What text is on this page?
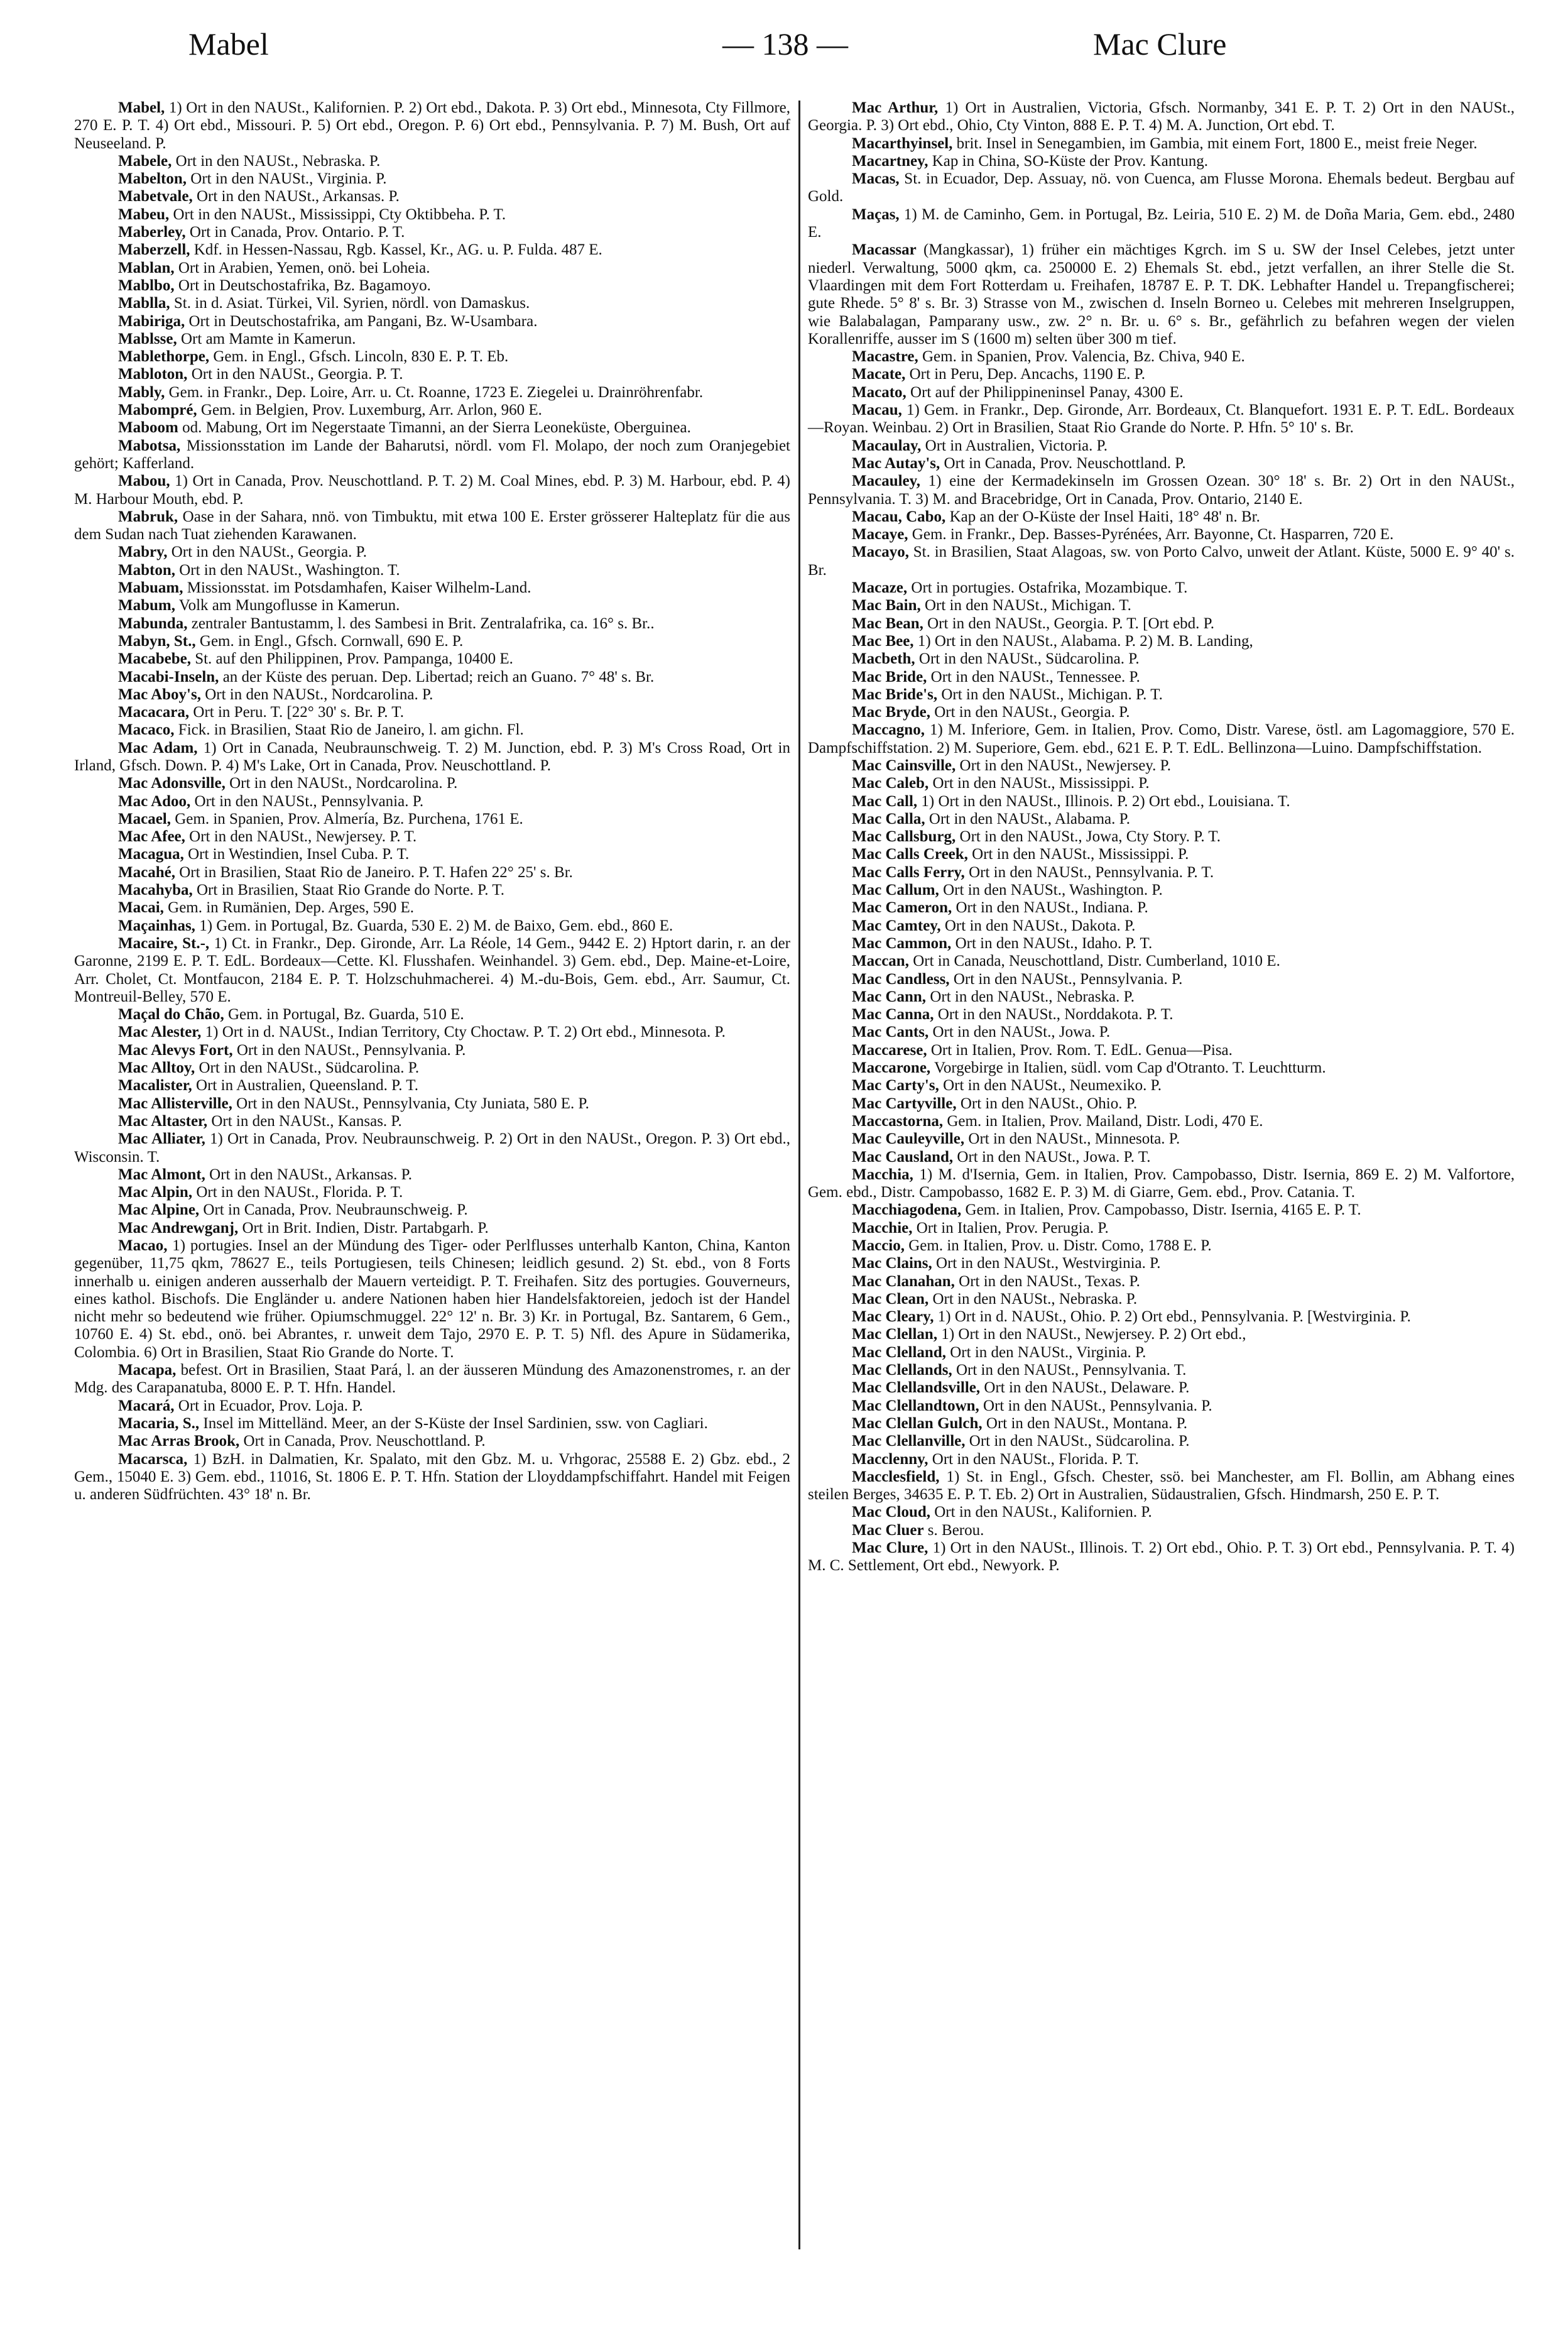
Mabel	— 138 —	Mac Clure

Mabel, 1) Ort in den NAUSt., Kalifornien. P. 2) Ort ebd., Dakota. P. 3) Ort ebd., Minnesota, Cty Fillmore, 270 E. P. T. 4) Ort ebd., Missouri. P. 5) Ort ebd., Oregon. P. 6) Ort ebd., Pennsylvania. P. 7) M. Bush, Ort auf Neuseeland. P.

Mabele, Ort in den NAUSt., Nebraska. P.

Mabelton, Ort in den NAUSt., Virginia. P.

Mabetvale, Ort in den NAUSt., Arkansas. P.

Mabeu, Ort in den NAUSt., Mississippi, Cty Oktibbeha. P. T.

Maberley, Ort in Canada, Prov. Ontario. P. T.

Maberzell, Kdf. in Hessen-Nassau, Rgb. Kassel, Kr., AG. u. P. Fulda. 487 E.

Mablan, Ort in Arabien, Yemen, onö. bei Loheia.

Mablbo, Ort in Deutschostafrika, Bz. Bagamoyo.

Mablla, St. in d. Asiat. Türkei, Vil. Syrien, nördl. von Damaskus.

Mabiriga, Ort in Deutschostafrika, am Pangani, Bz. W-Usambara.

Mablsse, Ort am Mamte in Kamerun.

Mablethorpe, Gem. in Engl., Gfsch. Lincoln, 830 E. P. T. Eb.

Mabloton, Ort in den NAUSt., Georgia. P. T.

Mably, Gem. in Frankr., Dep. Loire, Arr. u. Ct. Roanne, 1723 E. Ziegelei u. Drainröhrenfabr.

Mabompré, Gem. in Belgien, Prov. Luxemburg, Arr. Arlon, 960 E.

Maboom od. Mabung, Ort im Negerstaate Timanni, an der Sierra Leoneküste, Oberguinea.

Mabotsa, Missionsstation im Lande der Baharutsi, nördl. vom Fl. Molapo, der noch zum Oranjegebiet gehört; Kafferland.

Mabou, 1) Ort in Canada, Prov. Neuschottland. P. T. 2) M. Coal Mines, ebd. P. 3) M. Harbour, ebd. P. 4) M. Harbour Mouth, ebd. P.

Mabruk, Oase in der Sahara, nnö. von Timbuktu, mit etwa 100 E. Erster grösserer Halteplatz für die aus dem Sudan nach Tuat ziehenden Karawanen.

Mabry, Ort in den NAUSt., Georgia. P.

Mabton, Ort in den NAUSt., Washington. T.

Mabuam, Missionsstat. im Potsdamhafen, Kaiser Wilhelm-Land.

Mabum, Volk am Mungoflusse in Kamerun.

Mabunda, zentraler Bantustamm, l. des Sambesi in Brit. Zentralafrika, ca. 16° s. Br..

Mabyn, St., Gem. in Engl., Gfsch. Cornwall, 690 E. P.

Macabebe, St. auf den Philippinen, Prov. Pampanga, 10400 E.

Macabi-Inseln, an der Küste des peruan. Dep. Libertad; reich an Guano. 7° 48' s. Br.

Mac Aboy's, Ort in den NAUSt., Nordcarolina. P.

Macacara, Ort in Peru. T. [22° 30' s. Br. P. T.

Macaco, Fick. in Brasilien, Staat Rio de Janeiro, l. am gichn. Fl.

Mac Adam, 1) Ort in Canada, Neubraunschweig. T. 2) M. Junction, ebd. P. 3) M's Cross Road, Ort in Irland, Gfsch. Down. P. 4) M's Lake, Ort in Canada, Prov. Neuschottland. P.

Mac Adonsville, Ort in den NAUSt., Nordcarolina. P.

Mac Adoo, Ort in den NAUSt., Pennsylvania. P.

Macael, Gem. in Spanien, Prov. Almería, Bz. Purchena, 1761 E.

Mac Afee, Ort in den NAUSt., Newjersey. P. T.

Macagua, Ort in Westindien, Insel Cuba. P. T.

Macahé, Ort in Brasilien, Staat Rio de Janeiro. P. T. Hafen 22° 25' s. Br.

Macahyba, Ort in Brasilien, Staat Rio Grande do Norte. P. T.

Macai, Gem. in Rumänien, Dep. Arges, 590 E.

Maçainhas, 1) Gem. in Portugal, Bz. Guarda, 530 E. 2) M. de Baixo, Gem. ebd., 860 E.

Macaire, St.-, 1) Ct. in Frankr., Dep. Gironde, Arr. La Réole, 14 Gem., 9442 E. 2) Hptort darin, r. an der Garonne, 2199 E. P. T. EdL. Bordeaux—Cette. Kl. Flusshafen. Weinhandel. 3) Gem. ebd., Dep. Maine-et-Loire, Arr. Cholet, Ct. Montfaucon, 2184 E. P. T. Holzschuhmacherei. 4) M.-du-Bois, Gem. ebd., Arr. Saumur, Ct. Montreuil-Belley, 570 E.

Maçal do Chão, Gem. in Portugal, Bz. Guarda, 510 E.

Mac Alester, 1) Ort in d. NAUSt., Indian Territory, Cty Choctaw. P. T. 2) Ort ebd., Minnesota. P.

Mac Alevys Fort, Ort in den NAUSt., Pennsylvania. P.

Mac Alltoy, Ort in den NAUSt., Südcarolina. P.

Macalister, Ort in Australien, Queensland. P. T.

Mac Allisterville, Ort in den NAUSt., Pennsylvania, Cty Juniata, 580 E. P.

Mac Altaster, Ort in den NAUSt., Kansas. P.

Mac Alliater, 1) Ort in Canada, Prov. Neubraunschweig. P. 2) Ort in den NAUSt., Oregon. P. 3) Ort ebd., Wisconsin. T.

Mac Almont, Ort in den NAUSt., Arkansas. P.

Mac Alpin, Ort in den NAUSt., Florida. P. T.

Mac Alpine, Ort in Canada, Prov. Neubraunschweig. P.

Mac Andrewganj, Ort in Brit. Indien, Distr. Partabgarh. P.

Macao, 1) portugies. Insel an der Mündung des Tiger- oder Perlflusses unterhalb Kanton, China, Kanton gegenüber, 11,75 qkm, 78627 E., teils Portugiesen, teils Chinesen; leidlich gesund. 2) St. ebd., von 8 Forts innerhalb u. einigen anderen ausserhalb der Mauern verteidigt. P. T. Freihafen. Sitz des portugies. Gouverneurs, eines kathol. Bischofs. Die Engländer u. andere Nationen haben hier Handelsfaktoreien, jedoch ist der Handel nicht mehr so bedeutend wie früher. Opiumschmuggel. 22° 12' n. Br. 3) Kr. in Portugal, Bz. Santarem, 6 Gem., 10760 E. 4) St. ebd., onö. bei Abrantes, r. unweit dem Tajo, 2970 E. P. T. 5) Nfl. des Apure in Südamerika, Colombia. 6) Ort in Brasilien, Staat Rio Grande do Norte. T.

Macapa, befest. Ort in Brasilien, Staat Pará, l. an der äusseren Mündung des Amazonenstromes, r. an der Mdg. des Carapanatuba, 8000 E. P. T. Hfn. Handel.

Macará, Ort in Ecuador, Prov. Loja. P.

Macaria, S., Insel im Mittelländ. Meer, an der S-Küste der Insel Sardinien, ssw. von Cagliari.

Mac Arras Brook, Ort in Canada, Prov. Neuschottland. P.

Macarsca, 1) BzH. in Dalmatien, Kr. Spalato, mit den Gbz. M. u. Vrhgorac, 25588 E. 2) Gbz. ebd., 2 Gem., 15040 E. 3) Gem. ebd., 11016, St. 1806 E. P. T. Hfn. Station der Lloyddampfschiffahrt. Handel mit Feigen u. anderen Südfrüchten. 43° 18' n. Br.

Mac Arthur, 1) Ort in Australien, Victoria, Gfsch. Normanby, 341 E. P. T. 2) Ort in den NAUSt., Georgia. P. 3) Ort ebd., Ohio, Cty Vinton, 888 E. P. T. 4) M. A. Junction, Ort ebd. T.

Macarthyinsel, brit. Insel in Senegambien, im Gambia, mit einem Fort, 1800 E., meist freie Neger.

Macartney, Kap in China, SO-Küste der Prov. Kantung.

Macas, St. in Ecuador, Dep. Assuay, nö. von Cuenca, am Flusse Morona. Ehemals bedeut. Bergbau auf Gold.

Maças, 1) M. de Caminho, Gem. in Portugal, Bz. Leiria, 510 E. 2) M. de Doña Maria, Gem. ebd., 2480 E.

Macassar (Mangkassar), 1) früher ein mächtiges Kgrch. im S u. SW der Insel Celebes, jetzt unter niederl. Verwaltung, 5000 qkm, ca. 250000 E. 2) Ehemals St. ebd., jetzt verfallen, an ihrer Stelle die St. Vlaardingen mit dem Fort Rotterdam u. Freihafen, 18787 E. P. T. DK. Lebhafter Handel u. Trepangfischerei; gute Rhede. 5° 8' s. Br. 3) Strasse von M., zwischen d. Inseln Borneo u. Celebes mit mehreren Inselgruppen, wie Balabalagan, Pamparany usw., zw. 2° n. Br. u. 6° s. Br., gefährlich zu befahren wegen der vielen Korallenriffe, ausser im S (1600 m) selten über 300 m tief.

Macastre, Gem. in Spanien, Prov. Valencia, Bz. Chiva, 940 E.

Macate, Ort in Peru, Dep. Ancachs, 1190 E. P.

Macato, Ort auf der Philippineninsel Panay, 4300 E.

Macau, 1) Gem. in Frankr., Dep. Gironde, Arr. Bordeaux, Ct. Blanquefort. 1931 E. P. T. EdL. Bordeaux—Royan. Weinbau. 2) Ort in Brasilien, Staat Rio Grande do Norte. P. Hfn. 5° 10' s. Br.

Macaulay, Ort in Australien, Victoria. P.

Mac Autay's, Ort in Canada, Prov. Neuschottland. P.

Macauley, 1) eine der Kermadekinseln im Grossen Ozean. 30° 18' s. Br. 2) Ort in den NAUSt., Pennsylvania. T. 3) M. and Bracebridge, Ort in Canada, Prov. Ontario, 2140 E.

Macau, Cabo, Kap an der O-Küste der Insel Haiti, 18° 48' n. Br.

Macaye, Gem. in Frankr., Dep. Basses-Pyrénées, Arr. Bayonne, Ct. Hasparren, 720 E.

Macayo, St. in Brasilien, Staat Alagoas, sw. von Porto Calvo, unweit der Atlant. Küste, 5000 E. 9° 40' s. Br.

Macaze, Ort in portugies. Ostafrika, Mozambique. T.

Mac Bain, Ort in den NAUSt., Michigan. T.

Mac Bean, Ort in den NAUSt., Georgia. P. T. [Ort ebd. P.

Mac Bee, 1) Ort in den NAUSt., Alabama. P. 2) M. B. Landing,

Macbeth, Ort in den NAUSt., Südcarolina. P.

Mac Bride, Ort in den NAUSt., Tennessee. P.

Mac Bride's, Ort in den NAUSt., Michigan. P. T.

Mac Bryde, Ort in den NAUSt., Georgia. P.

Maccagno, 1) M. Inferiore, Gem. in Italien, Prov. Como, Distr. Varese, östl. am Lagomaggiore, 570 E. Dampfschiffstation. 2) M. Superiore, Gem. ebd., 621 E. P. T. EdL. Bellinzona—Luino. Dampfschiffstation.

Mac Cainsville, Ort in den NAUSt., Newjersey. P.

Mac Caleb, Ort in den NAUSt., Mississippi. P.

Mac Call, 1) Ort in den NAUSt., Illinois. P. 2) Ort ebd., Louisiana. T.

Mac Calla, Ort in den NAUSt., Alabama. P.

Mac Callsburg, Ort in den NAUSt., Jowa, Cty Story. P. T.

Mac Calls Creek, Ort in den NAUSt., Mississippi. P.

Mac Calls Ferry, Ort in den NAUSt., Pennsylvania. P. T.

Mac Callum, Ort in den NAUSt., Washington. P.

Mac Cameron, Ort in den NAUSt., Indiana. P.

Mac Camtey, Ort in den NAUSt., Dakota. P.

Mac Cammon, Ort in den NAUSt., Idaho. P. T.

Maccan, Ort in Canada, Neuschottland, Distr. Cumberland, 1010 E.

Mac Candless, Ort in den NAUSt., Pennsylvania. P.

Mac Cann, Ort in den NAUSt., Nebraska. P.

Mac Canna, Ort in den NAUSt., Norddakota. P. T.

Mac Cants, Ort in den NAUSt., Jowa. P.

Maccarese, Ort in Italien, Prov. Rom. T. EdL. Genua—Pisa.

Maccarone, Vorgebirge in Italien, südl. vom Cap d'Otranto. T. Leuchtturm.

Mac Carty's, Ort in den NAUSt., Neumexiko. P.

Mac Cartyville, Ort in den NAUSt., Ohio. P.

Maccastorna, Gem. in Italien, Prov. Mailand, Distr. Lodi, 470 E.

Mac Cauleyville, Ort in den NAUSt., Minnesota. P.

Mac Causland, Ort in den NAUSt., Jowa. P. T.

Macchia, 1) M. d'Isernia, Gem. in Italien, Prov. Campobasso, Distr. Isernia, 869 E. 2) M. Valfortore, Gem. ebd., Distr. Campobasso, 1682 E. P. 3) M. di Giarre, Gem. ebd., Prov. Catania. T.

Macchiagodena, Gem. in Italien, Prov. Campobasso, Distr. Isernia, 4165 E. P. T.

Macchie, Ort in Italien, Prov. Perugia. P.

Maccio, Gem. in Italien, Prov. u. Distr. Como, 1788 E. P.

Mac Clains, Ort in den NAUSt., Westvirginia. P.

Mac Clanahan, Ort in den NAUSt., Texas. P.

Mac Clean, Ort in den NAUSt., Nebraska. P.

Mac Cleary, 1) Ort in d. NAUSt., Ohio. P. 2) Ort ebd., Pennsylvania. P. [Westvirginia. P.

Mac Clellan, 1) Ort in den NAUSt., Newjersey. P. 2) Ort ebd.,

Mac Clelland, Ort in den NAUSt., Virginia. P.

Mac Clellands, Ort in den NAUSt., Pennsylvania. T.

Mac Clellandsville, Ort in den NAUSt., Delaware. P.

Mac Clellandtown, Ort in den NAUSt., Pennsylvania. P.

Mac Clellan Gulch, Ort in den NAUSt., Montana. P.

Mac Clellanville, Ort in den NAUSt., Südcarolina. P.

Macclenny, Ort in den NAUSt., Florida. P. T.

Macclesfield, 1) St. in Engl., Gfsch. Chester, ssö. bei Manchester, am Fl. Bollin, am Abhang eines steilen Berges, 34635 E. P. T. Eb. 2) Ort in Australien, Südaustralien, Gfsch. Hindmarsh, 250 E. P. T.

Mac Cloud, Ort in den NAUSt., Kalifornien. P.

Mac Cluer s. Berou.

Mac Clure, 1) Ort in den NAUSt., Illinois. T. 2) Ort ebd., Ohio. P. T. 3) Ort ebd., Pennsylvania. P. T. 4) M. C. Settlement, Ort ebd., Newyork. P.
